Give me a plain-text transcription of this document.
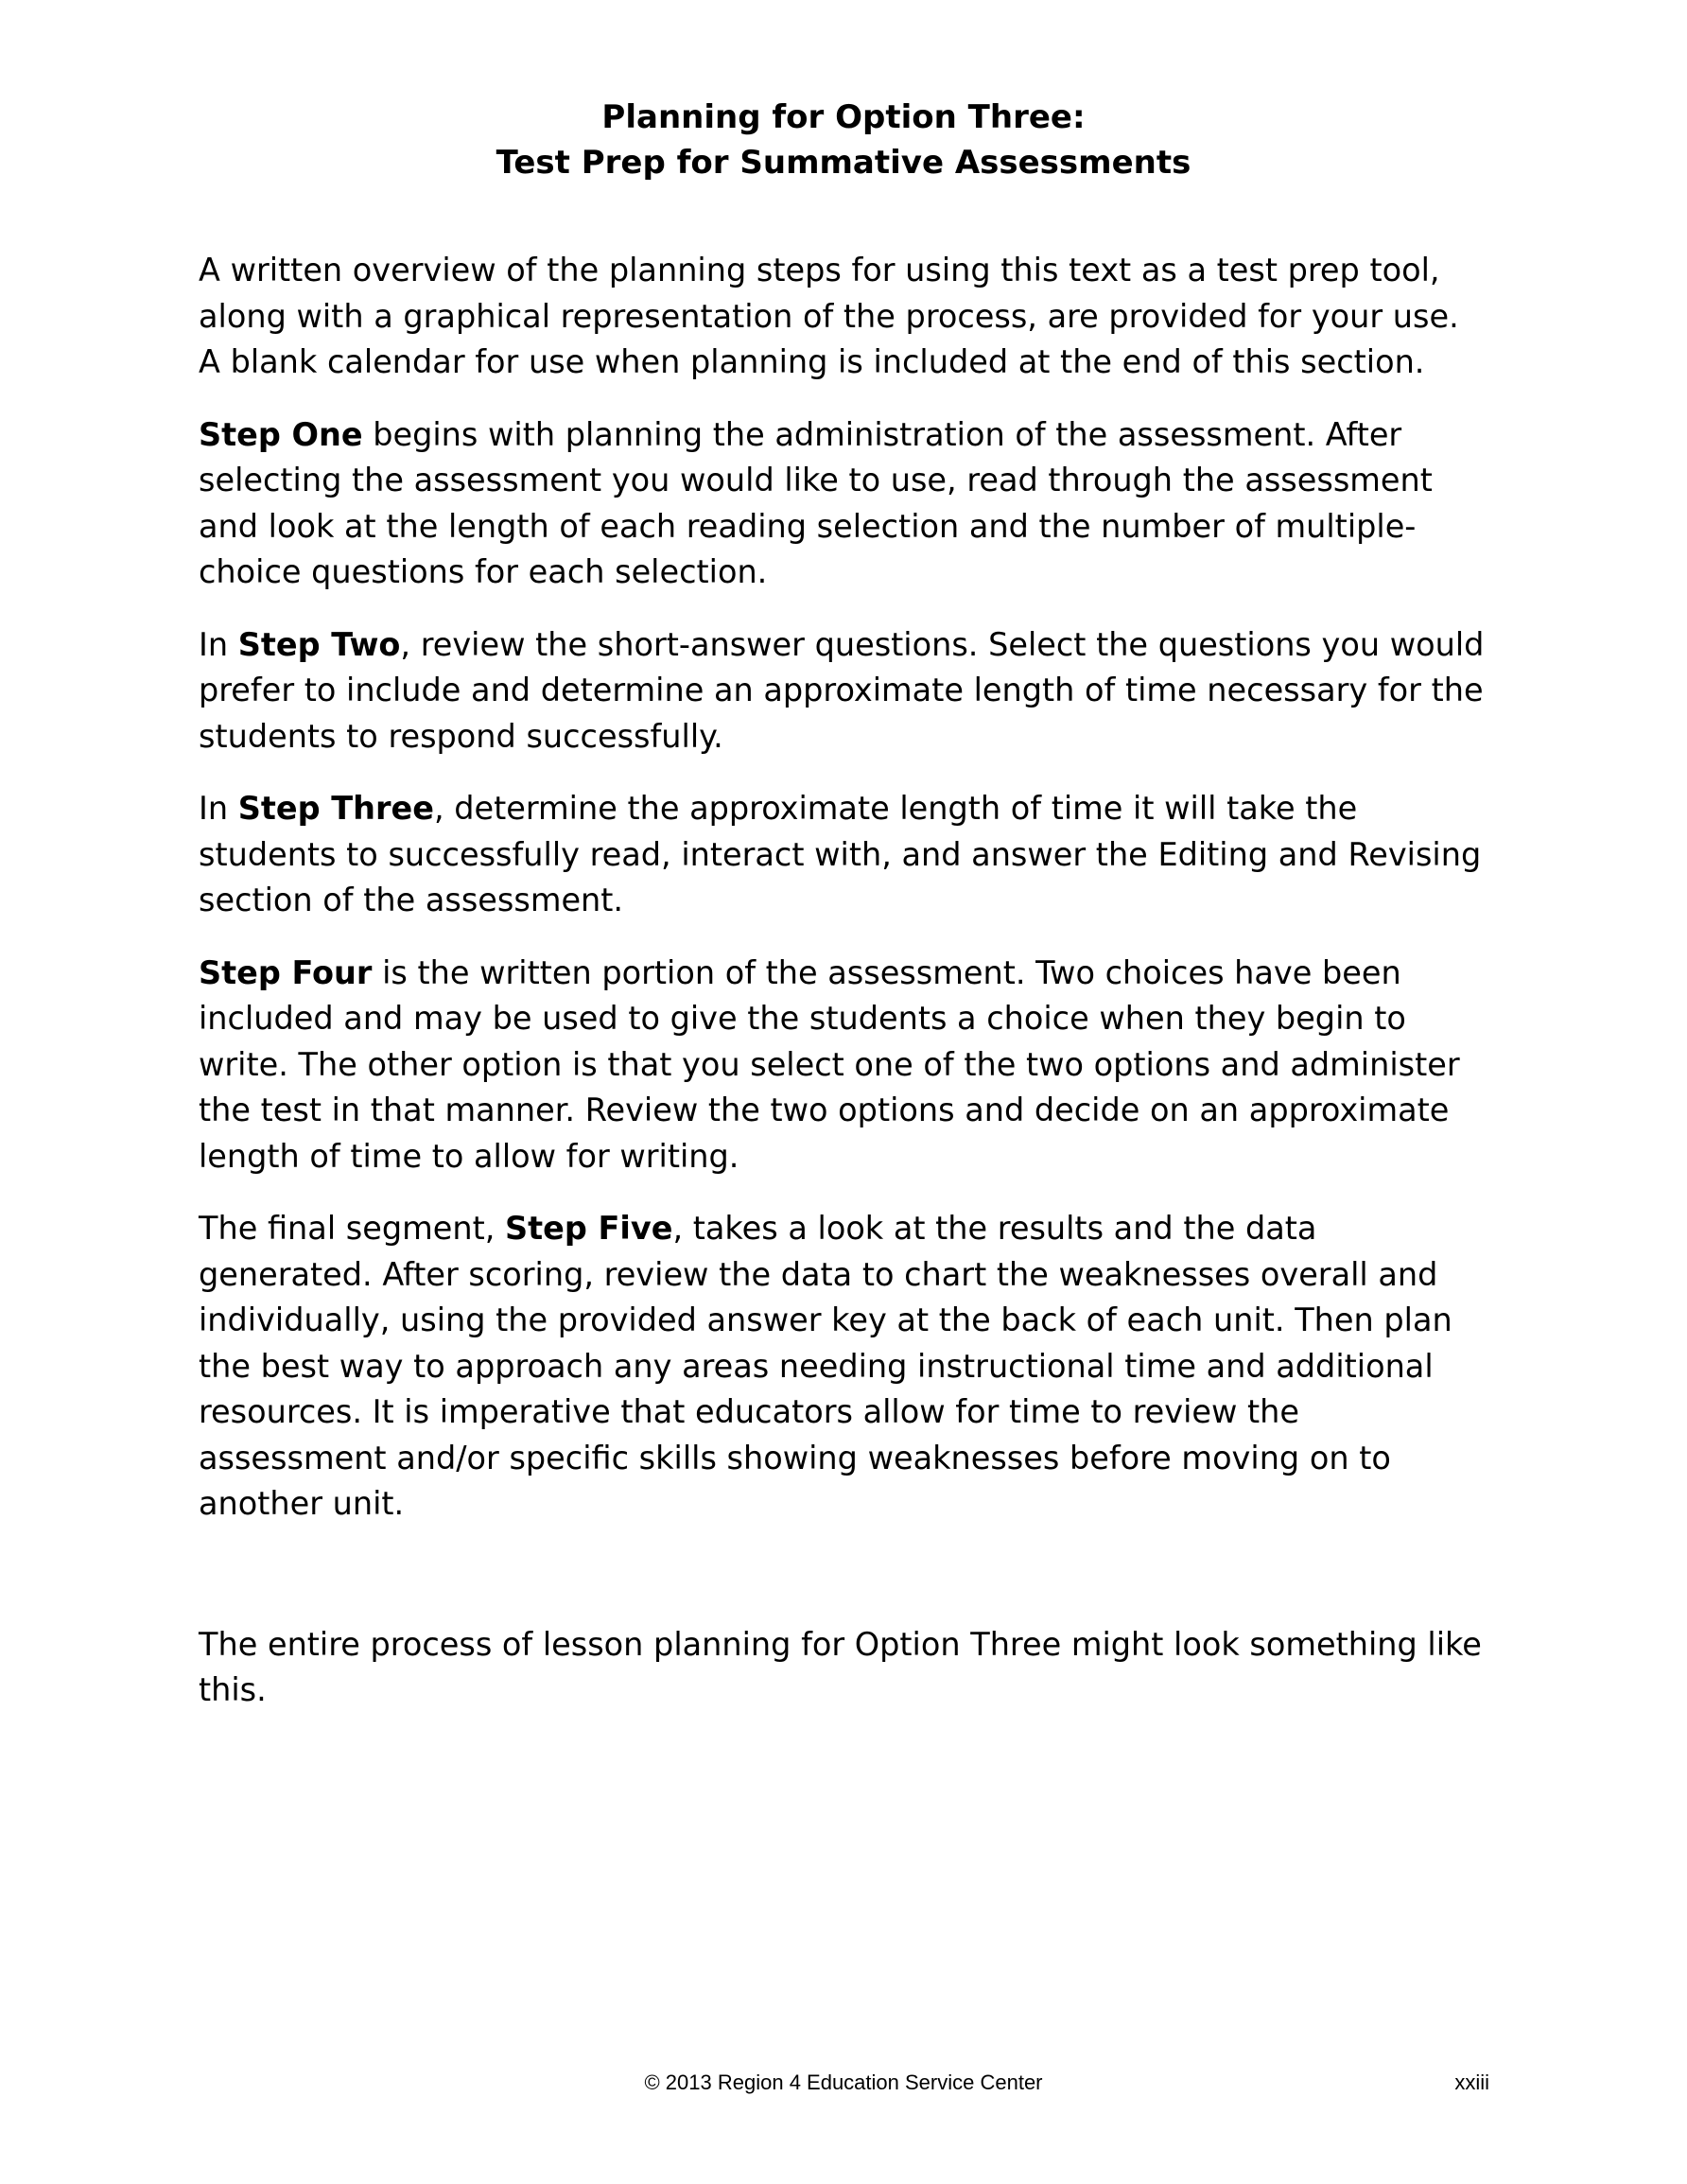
Planning for Option Three:
Test Prep for Summative Assessments

A written overview of the planning steps for using this text as a test prep tool, along with a graphical representation of the process, are provided for your use. A blank calendar for use when planning is included at the end of this section.

Step One begins with planning the administration of the assessment. After selecting the assessment you would like to use, read through the assessment and look at the length of each reading selection and the number of multiple-choice questions for each selection.

In Step Two, review the short-answer questions. Select the questions you would prefer to include and determine an approximate length of time necessary for the students to respond successfully.

In Step Three, determine the approximate length of time it will take the students to successfully read, interact with, and answer the Editing and Revising section of the assessment.

Step Four is the written portion of the assessment. Two choices have been included and may be used to give the students a choice when they begin to write. The other option is that you select one of the two options and administer the test in that manner. Review the two options and decide on an approximate length of time to allow for writing.

The final segment, Step Five, takes a look at the results and the data generated. After scoring, review the data to chart the weaknesses overall and individually, using the provided answer key at the back of each unit. Then plan the best way to approach any areas needing instructional time and additional resources. It is imperative that educators allow for time to review the assessment and/or specific skills showing weaknesses before moving on to another unit.

The entire process of lesson planning for Option Three might look something like this.

© 2013 Region 4 Education Service Center	xxiii
